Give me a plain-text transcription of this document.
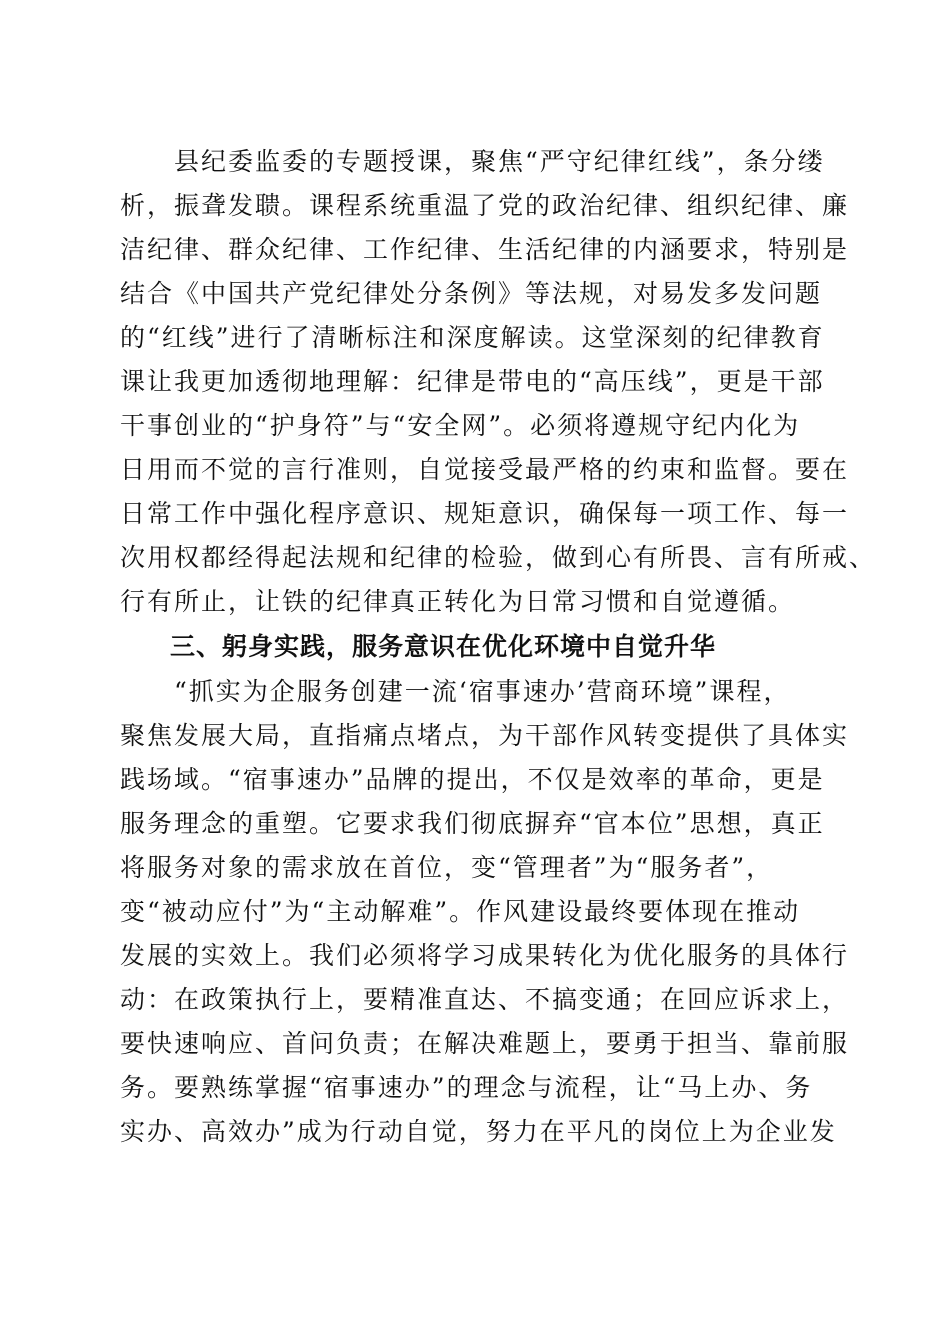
　　县纪委监委的专题授课，聚焦“严守纪律红线”，条分缕
析，振聋发聩。课程系统重温了党的政治纪律、组织纪律、廉
洁纪律、群众纪律、工作纪律、生活纪律的内涵要求，特别是
结合《中国共产党纪律处分条例》等法规，对易发多发问题
的“红线”进行了清晰标注和深度解读。这堂深刻的纪律教育
课让我更加透彻地理解：纪律是带电的“高压线”，更是干部
干事创业的“护身符”与“安全网”。必须将遵规守纪内化为
日用而不觉的言行准则，自觉接受最严格的约束和监督。要在
日常工作中强化程序意识、规矩意识，确保每一项工作、每一
次用权都经得起法规和纪律的检验，做到心有所畏、言有所戒、
行有所止，让铁的纪律真正转化为日常习惯和自觉遵循。
三、躬身实践，服务意识在优化环境中自觉升华
　　“抓实为企服务创建一流‘宿事速办’营商环境”课程，
聚焦发展大局，直指痛点堵点，为干部作风转变提供了具体实
践场域。“宿事速办”品牌的提出，不仅是效率的革命，更是
服务理念的重塑。它要求我们彻底摒弃“官本位”思想，真正
将服务对象的需求放在首位，变“管理者”为“服务者”，
变“被动应付”为“主动解难”。作风建设最终要体现在推动
发展的实效上。我们必须将学习成果转化为优化服务的具体行
动：在政策执行上，要精准直达、不搞变通；在回应诉求上，
要快速响应、首问负责；在解决难题上，要勇于担当、靠前服
务。要熟练掌握“宿事速办”的理念与流程，让“马上办、务
实办、高效办”成为行动自觉，努力在平凡的岗位上为企业发
